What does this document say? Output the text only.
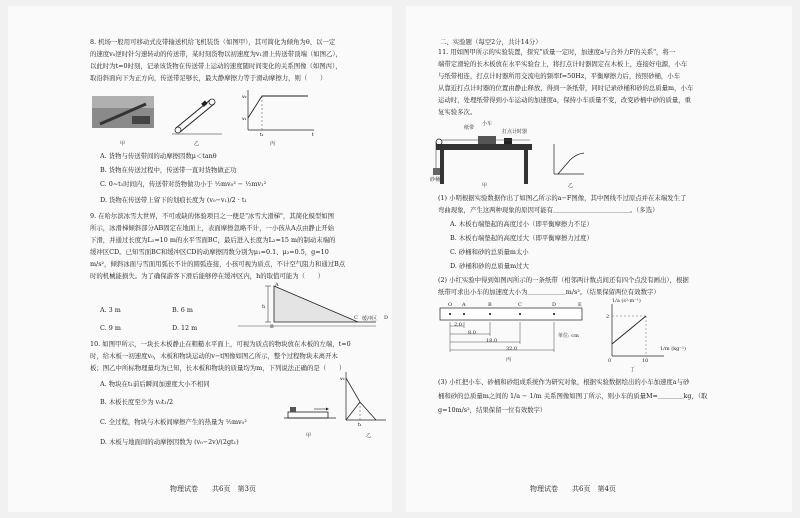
8. 机场一般用可移动式皮带输送机给飞机装货（如图甲），其可简化为倾角为θ、以一定
的速度v₀逆时针匀速转动的传送带，某时刻货物以初速度为v₁滑上传送带顶端（如图乙），
以此时为t=0时刻，记录该货物在传送带上运动的速度随时间变化的关系图像（如图丙），
取沿斜面向下为正方向，传送带足够长，最大静摩擦力等于滑动摩擦力，则（　　）
v₀
v₁
t₁	t
甲	乙	丙
A. 货物与传送带间的动摩擦因数μ＜tanθ
B. 货物在传送过程中，传送带一直对货物做正功
C. 0~t₁时间内，传送带对货物做功小于 ½mv₀² − ½mv₁²
D. 货物在传送带上留下的划痕长度为 (v₀−v₁)/2 · t₁
9. 在哈尔滨冰雪大世界，不可或缺的体验项目之一便是"冰雪大滑梯"，其简化模型如图
所示，冰滑梯倾斜部分AB固定在地面上，表面摩擦忽略不计，一小孩从A点由静止开始
下滑，并通过长度为L₁=10 m的水平雪面BC，最后进入长度为L₂=15 m的制动末端的
缓冲区CD。已知雪面BC和缓冲区CD的动摩擦因数分别为μ₁=0.1、μ₂=0.5，g=10
m/s²，倾斜冰面与雪面用弧长不计的圆弧连接，小孩可视为质点，不计空气阻力和通过B点
时的机械能损失。为了确保游客下滑后能够停在缓冲区内，h的取值可能为（　　）
A
h
B
C 缓冲区 D
A. 3 m	B. 6 m
C. 9 m	D. 12 m
10. 如图甲所示，一块长木板静止在粗糙水平面上，可视为质点的物块放在木板的左端，t=0
时，给木板一初速度v₀，木板和物块运动的v−t图像如图乙所示，整个过程物块未离开木
板；图乙中所标物理量均为已知，长木板和物块的质量均为m，下列说法正确的是（　　）
A. 物块在t₁前后瞬间加速度大小不相同
B. 木板长度至少为 v₀t₁/2
C. 全过程，物块与木板间摩擦产生的热量为 ½mv₀²
D. 木板与地面间的动摩擦因数为 (v₀−2v)/(2gt₁)
v₀
t₁
甲	乙
物理试卷　　共6页　第3页
二、实验题（每空2分，共计14分）
11. 用如图甲所示的实验装置，探究"质量一定时，加速度a与合外力F的关系"，将一
端带定滑轮的长木板放在水平实验台上，将打点计时器固定在木板上，连接好电源，小车
与纸带相连，打点计时器所用交流电的频率f=50Hz，平衡摩擦力后，按照砂桶，小车
从靠近打点计时器的位置由静止释放，得到一条纸带，同时记录砂桶和砂的总质量m，小车
运动时，处理纸带得到小车运动的加速度a，保持小车质量不变，改变砂桶中砂的质量，重
复实验多次。
纸带
小车
打点计时器
砂桶
甲	乙
(1) 小明根据实验数据作出了如图乙所示的a−F图像，其中图线不过原点并在末端发生了
弯曲现象，产生这两种现象的原因可能有＿＿＿＿＿＿＿＿＿＿＿＿。（多选）
A. 木板右端垫起的高度过小（即平衡摩擦力不足）
B. 木板右端垫起的高度过大（即平衡摩擦力过度）
C. 砂桶和砂的总质量m太小
D. 砂桶和砂的总质量m过大
(2) 小红实验中得到如图丙所示的一条纸带（相邻两计数点间还有四个点没有画出），根据
纸带可求出小车的加速度大小为＿＿＿＿＿＿m/s²。（结果保留两位有效数字）
O A	B	C	D	E
2.0
8.0
18.0
32.0
单位: cm
丙
1/a (s²·m⁻¹)
2
0	10
1/m (kg⁻¹)
丁
(3) 小红把小车、砂桶和砂组成系统作为研究对象，根据实验数据绘出的小车加速度a与砂
桶和砂的总质量m之间的 1/a − 1/m 关系图像如图丁所示，则小车的质量M=＿＿＿＿kg，（取
g=10m/s²，结果保留一位有效数字）
物理试卷　　共6页　第4页
